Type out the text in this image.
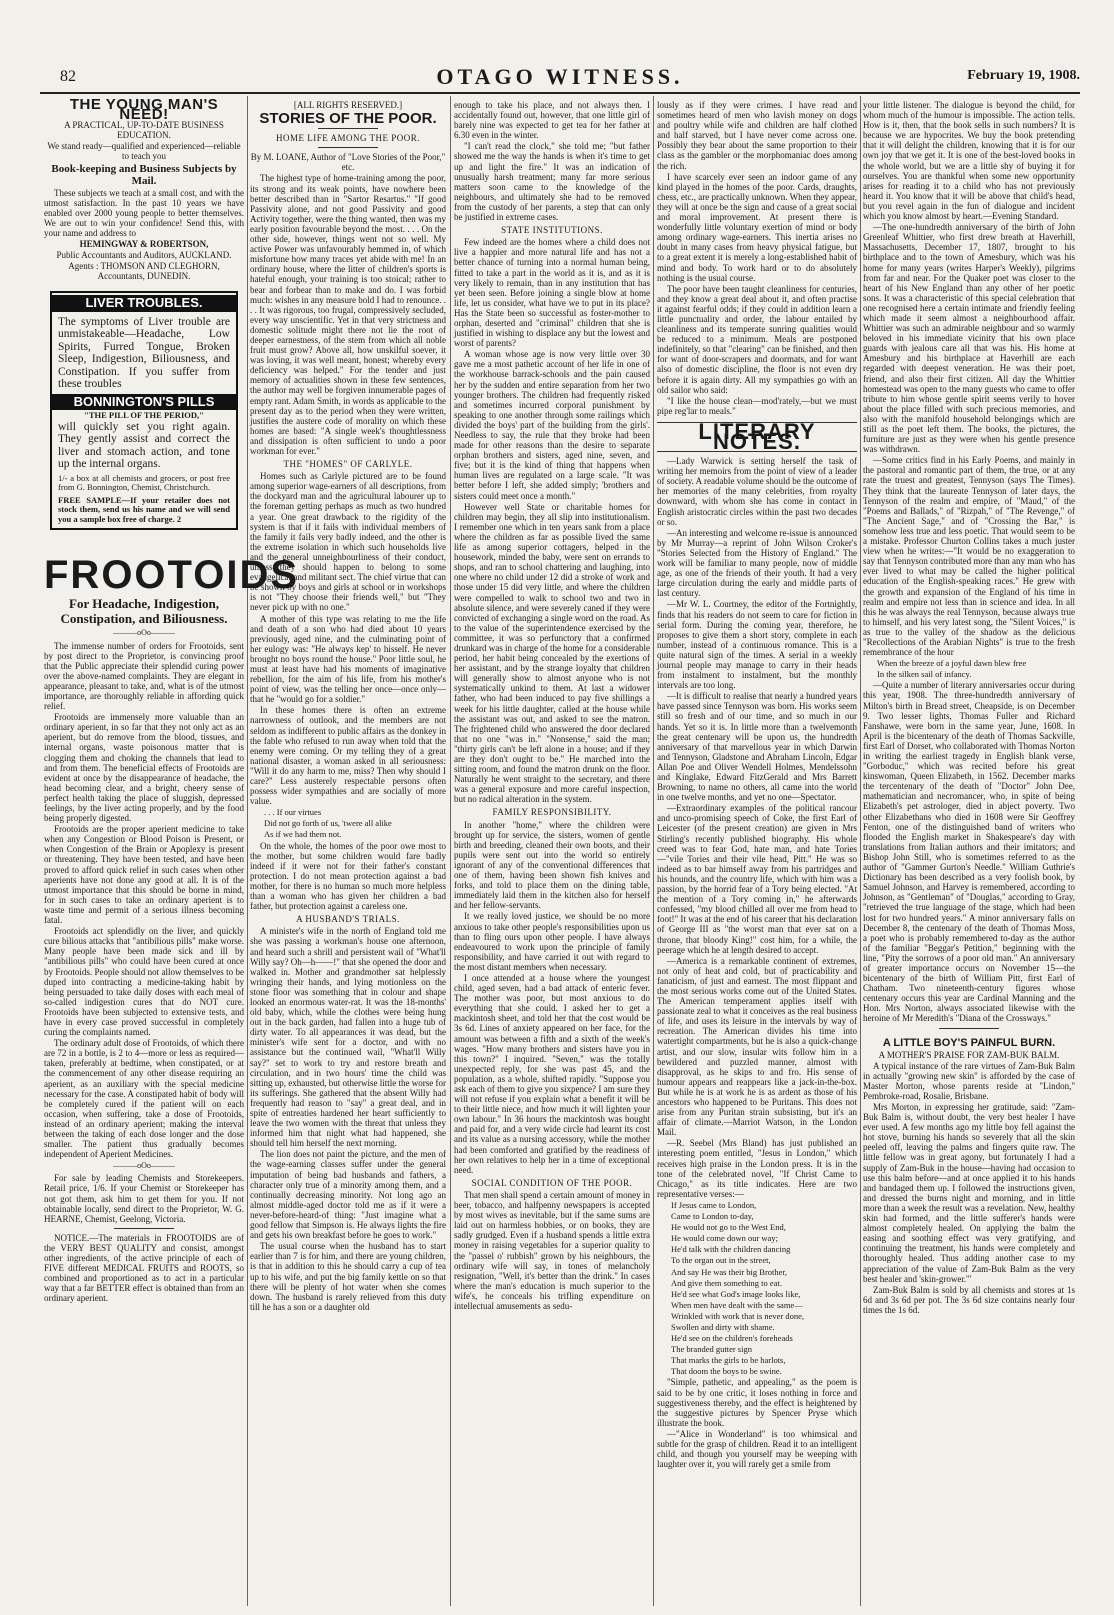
82	OTAGO WITNESS.	February 19, 1908.
THE YOUNG MAN'S NEED!

A PRACTICAL, UP-TO-DATE BUSINESS EDUCATION.

We stand ready—qualified and experienced—reliable to teach you

Book-keeping and Business Subjects by Mail.

These subjects we teach at a small cost, and with the utmost satisfaction. In the past 10 years we have enabled over 2000 young people to better themselves. We are out to win your confidence! Send this, with your name and address to

HEMINGWAY & ROBERTSON,

Public Accountants and Auditors, AUCKLAND.

Agents : THOMSON AND CLEGHORN, Accountants, DUNEDIN.

LIVER TROUBLES.
The symptoms of Liver trouble are unmistakeable—Headache, Low Spirits, Furred Tongue, Broken Sleep, Indigestion, Biliousness, and Constipation. If you suffer from these troubles
BONNINGTON'S PILLS
"THE PILL OF THE PERIOD,"
will quickly set you right again. They gently assist and correct the liver and stomach action, and tone up the internal organs.
1/- a box at all chemists and grocers, or post free from G. Bonnington, Chemist, Christchurch.
FREE SAMPLE—If your retailer does not stock them, send us his name and we will send you a sample box free of charge. 2
FROOTOIDS
For Headache, Indigestion, Constipation, and Biliousness.
———oOo———

The immense number of orders for Frootoids, sent by post direct to the Proprietor, is convincing proof that the Public appreciate their splendid curing power over the above-named complaints. They are elegant in appearance, pleasant to take, and, what is of the utmost importance, are thoroughly reliable in affording quick relief.

Frootoids are immensely more valuable than an ordinary aperient, in so far that they not only act as an aperient, but do remove from the blood, tissues, and internal organs, waste poisonous matter that is clogging them and choking the channels that lead to and from them. The beneficial effects of Frootoids are evident at once by the disappearance of headache, the head becoming clear, and a bright, cheery sense of perfect health taking the place of sluggish, depressed feelings, by the liver acting properly, and by the food being properly digested.

Frootoids are the proper aperient medicine to take when any Congestion or Blood Poison is Present, or when Congestion of the Brain or Apoplexy is present or threatening. They have been tested, and have been proved to afford quick relief in such cases when other aperients have not done any good at all. It is of the utmost importance that this should be borne in mind, for in such cases to take an ordinary aperient is to waste time and permit of a serious illness becoming fatal.

Frootoids act splendidly on the liver, and quickly cure bilious attacks that "antibilious pills" make worse. Many people have been made sick and ill by "antibilious pills" who could have been cured at once by Frootoids. People should not allow themselves to be duped into contracting a medicine-taking habit by being persuaded to take daily doses with each meal of so-called indigestion cures that do NOT cure. Frootoids have been subjected to extensive tests, and have in every case proved successful in completely curing the complaints named.

The ordinary adult dose of Frootoids, of which there are 72 in a bottle, is 2 to 4—more or less as required—taken, preferably at bedtime, when constipated, or at the commencement of any other disease requiring an aperient, as an auxiliary with the special medicine necessary for the case. A constipated habit of body will be completely cured if the patient will on each occasion, when suffering, take a dose of Frootoids, instead of an ordinary aperient; making the interval between the taking of each dose longer and the dose smaller. The patient thus gradually becomes independent of Aperient Medicines.

———oOo———

For sale by leading Chemists and Storekeepers. Retail price, 1/6. If your Chemist or Storekeeper has not got them, ask him to get them for you. If not obtainable locally, send direct to the Proprietor, W. G. HEARNE, Chemist, Geelong, Victoria.

NOTICE.—The materials in FROOTOIDS are of the VERY BEST QUALITY and consist, amongst other ingredients, of the active principle of each of FIVE different MEDICAL FRUITS and ROOTS, so combined and proportioned as to act in a particular way that a far BETTER effect is obtained than from an ordinary aperient.

[ALL RIGHTS RESERVED.]

STORIES OF THE POOR.
HOME LIFE AMONG THE POOR.

By M. LOANE, Author of "Love Stories of the Poor," etc.

The highest type of home-training among the poor, its strong and its weak points, have nowhere been better described than in "Sartor Resartus." "If good Passivity alone, and not good Passivity and good Activity together, were the thing wanted, then was my early position favourable beyond the most. . . . On the other side, however, things went not so well. My active Power was unfavourably hemmed in, of which misfortune how many traces yet abide with me! In an ordinary house, where the litter of children's sports is hateful enough, your training is too stoical; rather to bear and forbear than to make and do. I was forbid much: wishes in any measure bold I had to renounce. . . . It was rigorous, too frugal, compressively secluded, every way unscientific. Yet in that very strictness and domestic solitude might there not lie the root of deeper earnestness, of the stem from which all noble fruit must grow? Above all, how unskilful soever, it was loving, it was well meant, honest; whereby every deficiency was helped." For the tender and just memory of actualities shown in these few sentences, the author may well be forgiven innumerable pages of empty rant. Adam Smith, in words as applicable to the present day as to the period when they were written, justifies the austere code of morality on which these homes are based: "A single week's thoughtlessness and dissipation is often sufficient to undo a poor workman for ever."

THE "HOMES" OF CARLYLE.

Homes such as Carlyle pictured are to be found among superior wage-earners of all descriptions, from the dockyard man and the agricultural labourer up to the foreman getting perhaps as much as two hundred a year. One great drawback to the rigidity of the system is that if it fails with individual members of the family it fails very badly indeed, and the other is the extreme isolation in which such households live and the general unneighbourliness of their conduct, unless they should happen to belong to some evangelical and militant sect. The chief virtue that can be shown by boys and girls at school or in workshops is not "They choose their friends well," but "They never pick up with no one."

A mother of this type was relating to me the life and death of a son who had died about 10 years previously, aged nine, and the culminating point of her eulogy was: "He always kep' to hisself. He never brought no boys round the house." Poor little soul, he must at least have had his moments of imaginative rebellion, for the aim of his life, from his mother's point of view, was the telling her once—once only—that he "would go for a soldier."

In these homes there is often an extreme narrowness of outlook, and the members are not seldom as indifferent to public affairs as the donkey in the fable who refused to run away when told that the enemy were coming. Or my telling they of a great national disaster, a woman asked in all seriousness: "Will it do any harm to me, miss? Then why should I care?" Less austerely respectable persons often possess wider sympathies and are socially of more value.

. . . If our virtues

Did not go forth of us, 'twere all alike

As if we had them not.

On the whole, the homes of the poor owe most to the mother, but some children would fare badly indeed if it were not for their father's constant protection. I do not mean protection against a bad mother, for there is no human so much more helpless than a woman who has given her children a bad father, but protection against a careless one.

A HUSBAND'S TRIALS.

A minister's wife in the north of England told me she was passing a workman's house one afternoon, and heard such a shrill and persistent wail of "What'll Willy say? Oh—h——!" that she opened the door and walked in. Mother and grandmother sat helplessly wringing their hands, and lying motionless on the stone floor was something that in colour and shape looked an enormous water-rat. It was the 18-months' old baby, which, while the clothes were being hung out in the back garden, had fallen into a huge tub of dirty water. To all appearances it was dead, but the minister's wife sent for a doctor, and with no assistance but the continued wail, "What'll Willy say?" set to work to try and restore breath and circulation, and in two hours' time the child was sitting up, exhausted, but otherwise little the worse for its sufferings. She gathered that the absent Willy had frequently had reason to "say" a great deal, and in spite of entreaties hardened her heart sufficiently to leave the two women with the threat that unless they informed him that night what had happened, she should tell him herself the next morning.

The lion does not paint the picture, and the men of the wage-earning classes suffer under the general imputation of being bad husbands and fathers, a character only true of a minority among them, and a continually decreasing minority. Not long ago an almost middle-aged doctor told me as if it were a never-before-heard-of thing: "Just imagine what a good fellow that Simpson is. He always lights the fire and gets his own breakfast before he goes to work."

The usual course when the husband has to start earlier than 7 is for him, and there are young children, is that in addition to this he should carry a cup of tea up to his wife, and put the big family kettle on so that there will be plenty of hot water when she comes down. The husband is rarely relieved from this duty till he has a son or a daughter old

enough to take his place, and not always then. I accidentally found out, however, that one little girl of barely nine was expected to get tea for her father at 6.30 even in the winter.

"I can't read the clock," she told me; "but father showed me the way the hands is when it's time to get up and light the fire." It was an indication of unusually harsh treatment; many far more serious matters soon came to the knowledge of the neighbours, and ultimately she had to be removed from the custody of her parents, a step that can only be justified in extreme cases.

STATE INSTITUTIONS.

Few indeed are the homes where a child does not live a happier and more natural life and has not a better chance of turning into a normal human being, fitted to take a part in the world as it is, and as it is very likely to remain, than in any institution that has yet been seen. Before joining a single blow at home life, let us consider, what have we to put in its place? Has the State been so successful as foster-mother to orphan, deserted and "criminal" children that she is justified in wishing to displace any but the lowest and worst of parents?

A woman whose age is now very little over 30 gave me a most pathetic account of her life in one of the workhouse barrack-schools and the pain caused her by the sudden and entire separation from her two younger brothers. The children had frequently risked and sometimes incurred corporal punishment by speaking to one another through some railings which divided the boys' part of the building from the girls'. Needless to say, the rule that they broke had been made for other reasons than the desire to separate orphan brothers and sisters, aged nine, seven, and five; but it is the kind of thing that happens when human lives are regulated on a large scale. "It was better before I left, she added simply; 'brothers and sisters could meet once a month."

However well State or charitable homes for children may begin, they all slip into institutionalism. I remember one which in ten years sank from a place where the children as far as possible lived the same life as among superior cottagers, helped in the housework, minded the baby, were sent on errands to shops, and ran to school chattering and laughing, into one where no child under 12 did a stroke of work and those under 15 did very little, and where the children were compelled to walk to school two and two in absolute silence, and were severely caned if they were convicted of exchanging a single word on the road. As to the value of the superintendence exercised by the committee, it was so perfunctory that a confirmed drunkard was in charge of the home for a considerable period, her habit being concealed by the exertions of her assistant, and by the strange loyalty that children will generally show to almost anyone who is not systematically unkind to them. At last a widower father, who had been induced to pay five shillings a week for his little daughter, called at the house while the assistant was out, and asked to see the matron. The frightened child who answered the door declared that no one "was in." "Nonsense," said the man; "thirty girls can't be left alone in a house; and if they are they don't ought to be." He marched into the sitting room, and found the matron drunk on the floor. Naturally he went straight to the secretary, and there was a general exposure and more careful inspection, but no radical alteration in the system.

FAMILY RESPONSIBILITY.

In another "home," where the children were brought up for service, the sisters, women of gentle birth and breeding, cleaned their own boots, and their pupils were sent out into the world so entirely ignorant of any of the conventional differences that one of them, having been shown fish knives and forks, and told to place them on the dining table, immediately laid them in the kitchen also for herself and her fellow-servants.

It we really loved justice, we should be no more anxious to take other people's responsibilities upon us than to fling ours upon other people. I have always endeavoured to work upon the principle of family responsibility, and have carried it out with regard to the most distant members when necessary.

I once attended at a house where the youngest child, aged seven, had a bad attack of enteric fever. The mother was poor, but most anxious to do everything that she could. I asked her to get a mackintosh sheet, and told her that the cost would be 3s 6d. Lines of anxiety appeared on her face, for the amount was between a fifth and a sixth of the week's wages. "How many brothers and sisters have you in this town?" I inquired. "Seven," was the totally unexpected reply, for she was past 45, and the population, as a whole, shifted rapidly. "Suppose you ask each of them to give you sixpence? I am sure they will not refuse if you explain what a benefit it will be to their little niece, and how much it will lighten your own labour." In 36 hours the mackintosh was bought and paid for, and a very wide circle had learnt its cost and its value as a nursing accessory, while the mother had been comforted and gratified by the readiness of her own relatives to help her in a time of exceptional need.

SOCIAL CONDITION OF THE POOR.

That men shall spend a certain amount of money in beer, tobacco, and halfpenny newspapers is accepted by most wives as inevitable, but if the same sums are laid out on harmless hobbies, or on books, they are sadly grudged. Even if a husband spends a little extra money in raising vegetables for a superior quality to the "passel o' rubbish" grown by his neighbours, the ordinary wife will say, in tones of melancholy resignation, "Well, it's better than the drink." In cases where the man's education is much superior to the wife's, he conceals his trifling expenditure on intellectual amusements as sedu-

lously as if they were crimes. I have read and sometimes heard of men who lavish money on dogs and poultry while wife and children are half clothed and half starved, but I have never come across one. Possibly they bear about the same proportion to their class as the gambler or the morphomaniac does among the rich.

I have scarcely ever seen an indoor game of any kind played in the homes of the poor. Cards, draughts, chess, etc., are practically unknown. When they appear, they will at once be the sign and cause of a great social and moral improvement. At present there is wonderfully little voluntary exertion of mind or body among ordinary wage-earners. This inertia arises no doubt in many cases from heavy physical fatigue, but to a great extent it is merely a long-established habit of mind and body. To work hard or to do absolutely nothing is the usual course.

The poor have been taught cleanliness for centuries, and they know a great deal about it, and often practise it against fearful odds; if they could in addition learn a little punctuality and order, the labour entailed by cleanliness and its temperate sunring qualities would be reduced to a minimum. Meals are postponed indefinitely, so that "clearing" can be finished, and then for want of door-scrapers and doormats, and for want also of domestic discipline, the floor is not even dry before it is again dirty. All my sympathies go with an old sailor who said:

"I like the house clean—mod'rately,—but we must pipe reg'lar to meals."

LITERARY NOTES.

—Lady Warwick is setting herself the task of writing her memoirs from the point of view of a leader of society. A readable volume should be the outcome of her memories of the many celebrities, from royalty downward, with whom she has come in contact in English aristocratic circles within the past two decades or so.

—An interesting and welcome re-issue is announced by Mr Murray—a reprint of John Wilson Croker's "Stories Selected from the History of England." The work will be familiar to many people, now of middle age, as one of the friends of their youth. It had a very large circulation during the early and middle parts of last century.

—Mr W. L. Courtney, the editor of the Fortnightly, finds that his readers do not seem to care for fiction in serial form. During the coming year, therefore, he proposes to give them a short story, complete in each number, instead of a continuous romance. This is a quite natural sign of the times. A serial in a weekly journal people may manage to carry in their heads from instalment to instalment, but the monthly intervals are too long.

—It is difficult to realise that nearly a hundred years have passed since Tennyson was born. His works seem still so fresh and of our time, and so much in our hands. Yet so it is. In little more than a twelvemonth the great centenary will be upon us, the hundredth anniversary of that marvellous year in which Darwin and Tennyson, Gladstone and Abraham Lincoln, Edgar Allan Poe and Oliver Wendell Holmes, Mendelssohn and Kinglake, Edward FitzGerald and Mrs Barrett Browning, to name no others, all came into the world in one twelve months, and yet no one—Spectator.

—Extraordinary examples of the political rancour and unco-promising speech of Coke, the first Earl of Leicester (of the present creation) are given in Mrs Stirling's recently published biography. His whole creed was to fear God, hate man, and hate Tories—"vile Tories and their vile head, Pitt." He was so indeed as to bar himself away from his partridges and his hounds, and the country life, which with him was a passion, by the horrid fear of a Tory being elected. "At the mention of a Tory coming in," he afterwards confessed, "my blood chilled all over me from head to foot!" It was at the end of his career that his declaration of George III as "the worst man that ever sat on a throne, that bloody King!" cost him, for a while, the peerage which he at length desired to accept.

—America is a remarkable continent of extremes, not only of heat and cold, but of practicability and fanaticism, of just and earnest. The most flippant and the most serious works come out of the United States. The American temperament applies itself with passionate zeal to what it conceives as the real business of life, and uses its leisure in the intervals by way of recreation. The American divides his time into watertight compartments, but he is also a quick-change artist, and our slow, insular wits follow him in a bewildered and puzzled manner, almost with disapproval, as he skips to and fro. His sense of humour appears and reappears like a jack-in-the-box. But while he is at work he is as ardent as those of his ancestors who happened to be Puritans. This does not arise from any Puritan strain subsisting, but it's an affair of climate.—Marriot Watson, in the London Mail.

—R. Seebel (Mrs Bland) has just published an interesting poem entitled, "Jesus in London," which receives high praise in the London press. It is in the tone of the celebrated novel, "If Christ Came to Chicago," as its title indicates. Here are two representative verses:—

If Jesus came to London,

Came to London to-day,

He would not go to the West End,

He would come down our way;

He'd talk with the children dancing

To the organ out in the street,

And say He was their big Brother,

And give them something to eat.

He'd see what God's image looks like,

When men have dealt with the same—

Wrinkled with work that is never done,

Swollen and dirty with shame.

He'd see on the children's foreheads

The branded gutter sign

That marks the girls to be harlots,

That doom the boys to be swine.

"Simple, pathetic, and appealing," as the poem is said to be by one critic, it loses nothing in force and suggestiveness thereby, and the effect is heightened by the suggestive pictures by Spencer Pryse which illustrate the book.

—"Alice in Wonderland" is too whimsical and subtle for the grasp of children. Read it to an intelligent child, and though you yourself may be weeping with laughter over it, you will rarely get a smile from

your little listener. The dialogue is beyond the child, for whom much of the humour is impossible. The action tells. How is it, then, that the book sells in such numbers? It is because we are hypocrites. We buy the book pretending that it will delight the children, knowing that it is for our own joy that we get it. It is one of the best-loved books in the whole world, but we are a little shy of buying it for ourselves. You are thankful when some new opportunity arises for reading it to a child who has not previously heard it. You know that it will be above that child's head, but you revel again in the fun of dialogue and incident which you know almost by heart.—Evening Standard.

—The one-hundredth anniversary of the birth of John Greenleaf Whittier, who first drew breath at Haverhill, Massachusetts, December 17, 1807, brought to his birthplace and to the town of Amesbury, which was his home for many years (writes Harper's Weekly), pilgrims from far and near. For the Quaker poet was closer to the heart of his New England than any other of her poetic sons. It was a characteristic of this special celebration that one recognised here a certain intimate and friendly feeling which made it seem almost a neighbourhood affair. Whittier was such an admirable neighbour and so warmly beloved in his immediate vicinity that his own place guards with jealous care all that was his. His home at Amesbury and his birthplace at Haverhill are each regarded with deepest veneration. He was their poet, friend, and also their first citizen. All day the Whittier homestead was open to the many guests who came to offer tribute to him whose gentle spirit seems verily to hover about the place filled with such precious memories, and also with the manifold household belongings which are still as the poet left them. The books, the pictures, the furniture are just as they were when his gentle presence was withdrawn.

—Some critics find in his Early Poems, and mainly in the pastoral and romantic part of them, the true, or at any rate the truest and greatest, Tennyson (says The Times). They think that the laureate Tennyson of later days, the Tennyson of the realm and empire, of "Maud," of the "Poems and Ballads," of "Rizpah," of "The Revenge," of "The Ancient Sage," and of "Crossing the Bar," is somehow less true and less poetic. That would seem to be a mistake. Professor Churton Collins takes a much juster view when he writes:—"It would be no exaggeration to say that Tennyson contributed more than any man who has ever lived to what may be called the higher political education of the English-speaking races." He grew with the growth and expansion of the England of his time in realm and empire not less than in science and idea. In all this he was always the real Tennyson, because always true to himself, and his very latest song, the "Silent Voices," is as true to the valley of the shadow as the delicious "Recollections of the Arabian Nights" is true to the fresh remembrance of the hour

When the breeze of a joyful dawn blew free

In the silken sail of infancy.

—Quite a number of literary anniversaries occur during this year, 1908. The three-hundredth anniversary of Milton's birth in Bread street, Cheapside, is on December 9. Two lesser lights, Thomas Fuller and Richard Fanshawe, were born in the same year, June, 1608. In April is the bicentenary of the death of Thomas Sackville, first Earl of Dorset, who collaborated with Thomas Norton in writing the earliest tragedy in English blank verse, "Gorboduc," which was recited before his great kinswoman, Queen Elizabeth, in 1562. December marks the tercentenary of the death of "Doctor" John Dee, mathematician and necromancer, who, in spite of being Elizabeth's pet astrologer, died in abject poverty. Two other Elizabethans who died in 1608 were Sir Geoffrey Fenton, one of the distinguished band of writers who flooded the English market in Shakespeare's day with translations from Italian authors and their imitators; and Bishop John Still, who is sometimes referred to as the author of "Gammer Gurton's Needle." William Guthrie's Dictionary has been described as a very foolish book, by Samuel Johnson, and Harvey is remembered, according to Johnson, as "Gentleman" of "Douglas," according to Gray, "retrieved the true language of the stage, which had been lost for two hundred years." A minor anniversary falls on December 8, the centenary of the death of Thomas Moss, a poet who is probably remembered to-day as the author of the familiar "Beggar's Petition," beginning with the line, "Pity the sorrows of a poor old man." An anniversary of greater importance occurs on November 15—the bicentenary of the birth of William Pitt, first Earl of Chatham. Two nineteenth-century figures whose centenary occurs this year are Cardinal Manning and the Hon. Mrs Norton, always associated likewise with the heroine of Mr Meredith's "Diana of the Crossways."

A LITTLE BOY'S PAINFUL BURN.

A MOTHER'S PRAISE FOR ZAM-BUK BALM.

A typical instance of the rare virtues of Zam-Buk Balm in actually "growing new skin" is afforded by the case of Master Morton, whose parents reside at "Lindon," Pembroke-road, Rosalie, Brisbane.

Mrs Morton, in expressing her gratitude, said: "Zam-Buk Balm is, without doubt, the very best healer I have ever used. A few months ago my little boy fell against the hot stove, burning his hands so severely that all the skin peeled off, leaving the palms and fingers quite raw. The little fellow was in great agony, but fortunately I had a supply of Zam-Buk in the house—having had occasion to use this balm before—and at once applied it to his hands and bandaged them up. I followed the instructions given, and dressed the burns night and morning, and in little more than a week the result was a revelation. New, healthy skin had formed, and the little sufferer's hands were almost completely healed. On applying the balm the easing and soothing effect was very gratifying, and continuing the treatment, his hands were completely and thoroughly healed. Thus adding another case to my appreciation of the value of Zam-Buk Balm as the very best healer and 'skin-grower.'"

Zam-Buk Balm is sold by all chemists and stores at 1s 6d and 3s 6d per pot. The 3s 6d size contains nearly four times the 1s 6d.
